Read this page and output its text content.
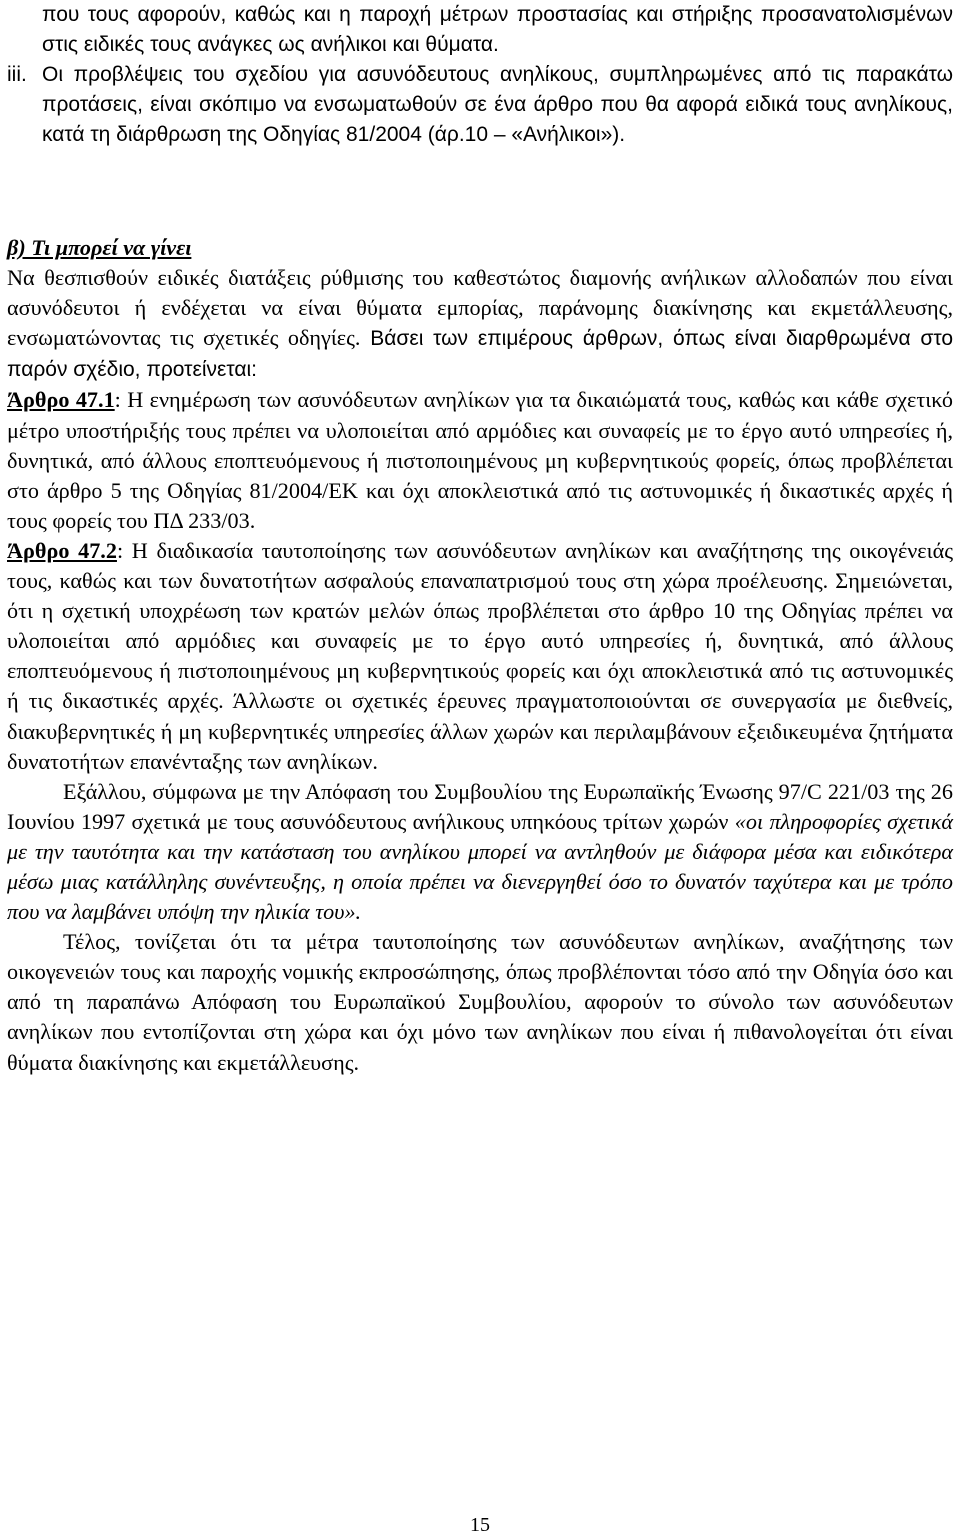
που τους αφορούν, καθώς και η παροχή μέτρων προστασίας και στήριξης προσανατολισμένων στις ειδικές τους ανάγκες ως ανήλικοι και θύματα.

iii. Οι προβλέψεις του σχεδίου για ασυνόδευτους ανηλίκους, συμπληρωμένες από τις παρακάτω προτάσεις, είναι σκόπιμο να ενσωματωθούν σε ένα άρθρο που θα αφορά ειδικά τους ανηλίκους, κατά τη διάρθρωση της Οδηγίας 81/2004 (άρ.10 – «Ανήλικοι»).

β) Τι μπορεί να γίνει

Να θεσπισθούν ειδικές διατάξεις ρύθμισης του καθεστώτος διαμονής ανήλικων αλλοδαπών που είναι ασυνόδευτοι ή ενδέχεται να είναι θύματα εμπορίας, παράνομης διακίνησης και εκμετάλλευσης, ενσωματώνοντας τις σχετικές οδηγίες. Βάσει των επιμέρους άρθρων, όπως είναι διαρθρωμένα στο παρόν σχέδιο, προτείνεται:

Άρθρο 47.1: Η ενημέρωση των ασυνόδευτων ανηλίκων για τα δικαιώματά τους, καθώς και κάθε σχετικό μέτρο υποστήριξής τους πρέπει να υλοποιείται από αρμόδιες και συναφείς με το έργο αυτό υπηρεσίες ή, δυνητικά, από άλλους εποπτευόμενους ή πιστοποιημένους μη κυβερνητικούς φορείς, όπως προβλέπεται στο άρθρο 5 της Οδηγίας 81/2004/ΕΚ και όχι αποκλειστικά από τις αστυνομικές ή δικαστικές αρχές ή τους φορείς του ΠΔ 233/03.

Άρθρο 47.2: Η διαδικασία ταυτοποίησης των ασυνόδευτων ανηλίκων και αναζήτησης της οικογένειάς τους, καθώς και των δυνατοτήτων ασφαλούς επαναπατρισμού τους στη χώρα προέλευσης. Σημειώνεται, ότι η σχετική υποχρέωση των κρατών μελών όπως προβλέπεται στο άρθρο 10 της Οδηγίας πρέπει να υλοποιείται από αρμόδιες και συναφείς με το έργο αυτό υπηρεσίες ή, δυνητικά, από άλλους εποπτευόμενους ή πιστοποιημένους μη κυβερνητικούς φορείς και όχι αποκλειστικά από τις αστυνομικές ή τις δικαστικές αρχές. Άλλωστε οι σχετικές έρευνες πραγματοποιούνται σε συνεργασία με διεθνείς, διακυβερνητικές ή μη κυβερνητικές υπηρεσίες άλλων χωρών και περιλαμβάνουν εξειδικευμένα ζητήματα δυνατοτήτων επανένταξης των ανηλίκων.

Εξάλλου, σύμφωνα με την Απόφαση του Συμβουλίου της Ευρωπαϊκής Ένωσης 97/C 221/03 της 26 Ιουνίου 1997 σχετικά με τους ασυνόδευτους ανήλικους υπηκόους τρίτων χωρών «οι πληροφορίες σχετικά με την ταυτότητα και την κατάσταση του ανηλίκου μπορεί να αντληθούν με διάφορα μέσα και ειδικότερα μέσω μιας κατάλληλης συνέντευξης, η οποία πρέπει να διενεργηθεί όσο το δυνατόν ταχύτερα και με τρόπο που να λαμβάνει υπόψη την ηλικία του».

Τέλος, τονίζεται ότι τα μέτρα ταυτοποίησης των ασυνόδευτων ανηλίκων, αναζήτησης των οικογενειών τους και παροχής νομικής εκπροσώπησης, όπως προβλέπονται τόσο από την Οδηγία όσο και από τη παραπάνω Απόφαση του Ευρωπαϊκού Συμβουλίου, αφορούν το σύνολο των ασυνόδευτων ανηλίκων που εντοπίζονται στη χώρα και όχι μόνο των ανηλίκων που είναι ή πιθανολογείται ότι είναι θύματα διακίνησης και εκμετάλλευσης.

15
